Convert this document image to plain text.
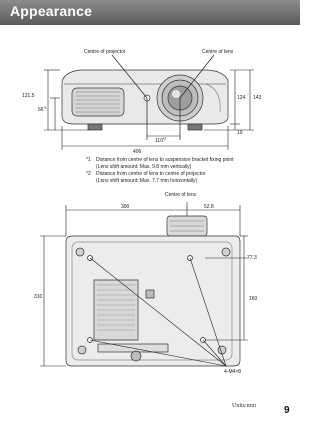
Appearance
Centre of projector	Centre of lens
131.5
66$^{*1}$
110$^{*2}$
406
124 143
19
Centre of lens
300	52.8
310
77.3
160
4-M4×8
*1 Distance from centre of lens to suspension bracket fixing point
(Lens shift amount: Max. 9.8 mm vertically)
*2 Distance from centre of lens to centre of projector
(Lens shift amount: Max. 7.7 mm horizontally)
Units:mm	9
